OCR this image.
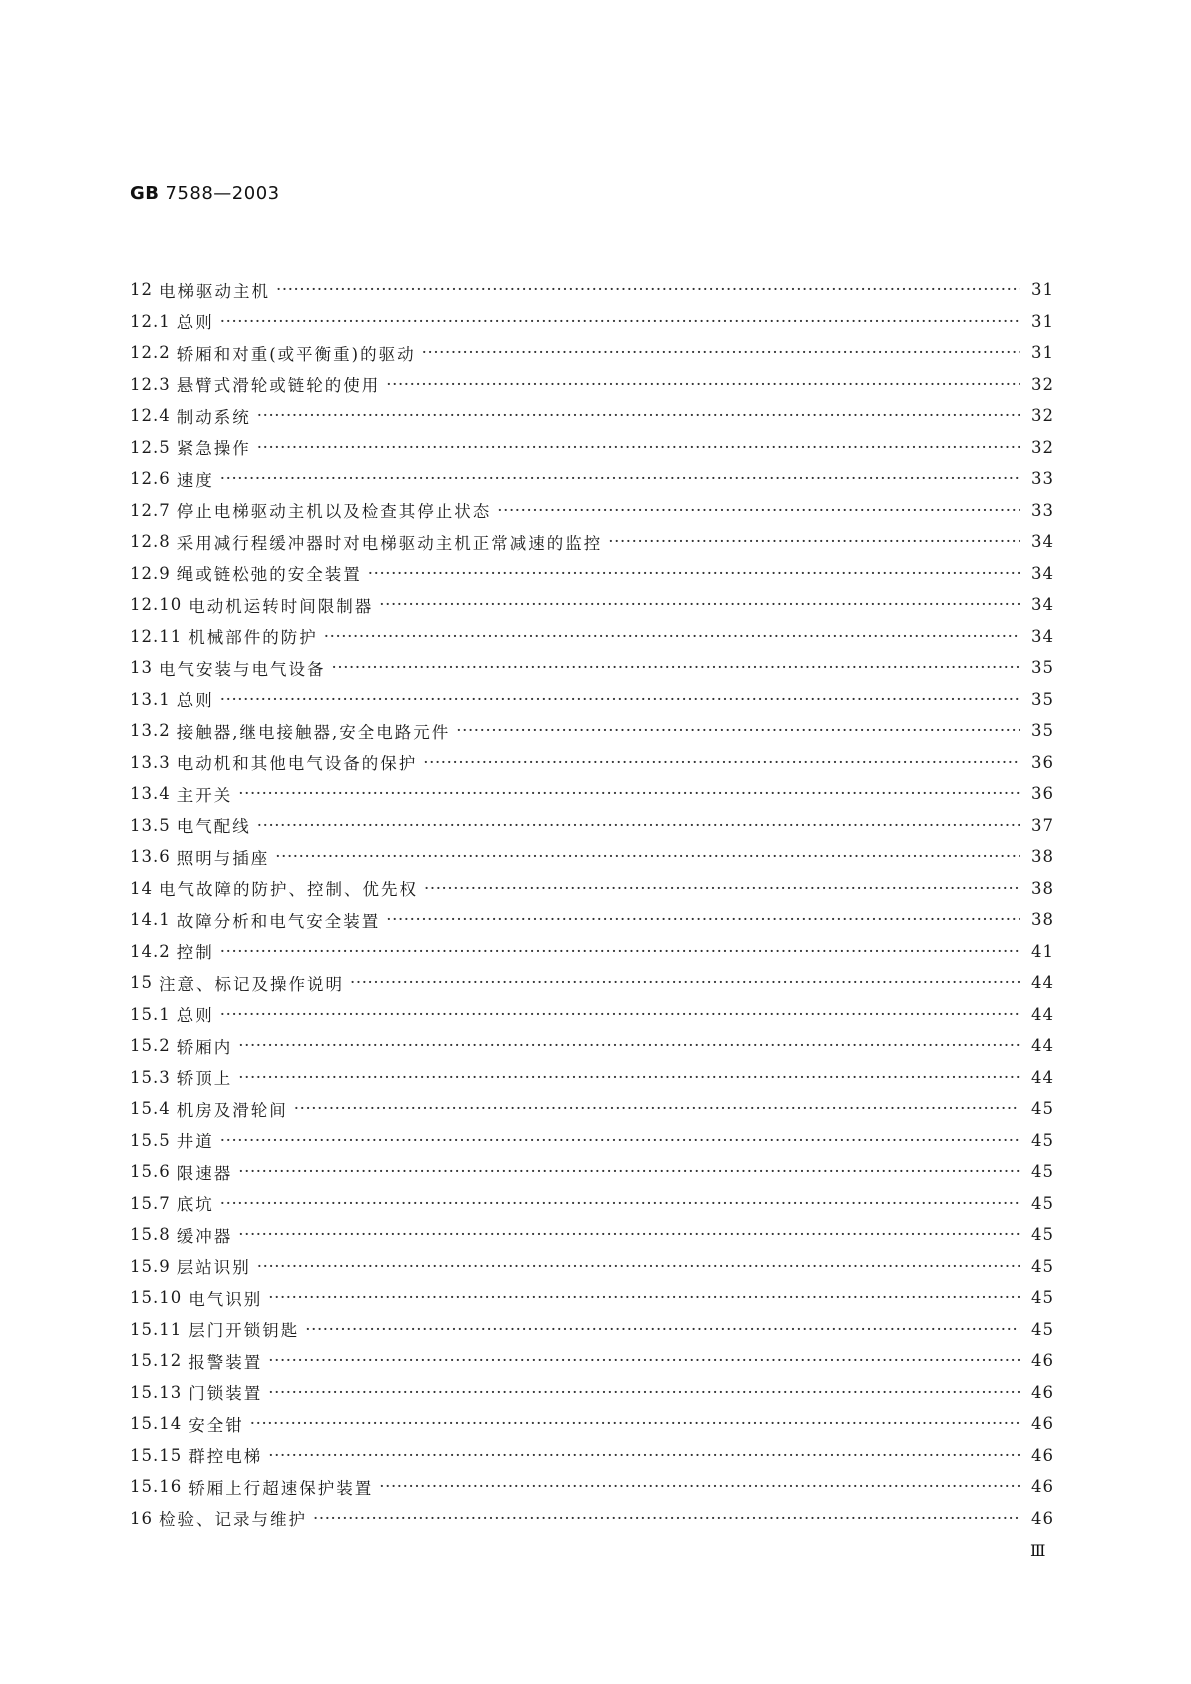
GB 7588—2003
12 电梯驱动主机 ·····	31
12.1 总则 ·····	31
12.2 轿厢和对重(或平衡重)的驱动 ·····	31
12.3 悬臂式滑轮或链轮的使用 ·····	32
12.4 制动系统 ·····	32
12.5 紧急操作 ·····	32
12.6 速度 ·····	33
12.7 停止电梯驱动主机以及检查其停止状态 ·····	33
12.8 采用减行程缓冲器时对电梯驱动主机正常减速的监控 ·····	34
12.9 绳或链松弛的安全装置 ·····	34
12.10 电动机运转时间限制器 ·····	34
12.11 机械部件的防护 ·····	34
13 电气安装与电气设备 ·····	35
13.1 总则 ·····	35
13.2 接触器,继电接触器,安全电路元件 ·····	35
13.3 电动机和其他电气设备的保护 ·····	36
13.4 主开关 ·····	36
13.5 电气配线 ·····	37
13.6 照明与插座 ·····	38
14 电气故障的防护、控制、优先权 ·····	38
14.1 故障分析和电气安全装置 ·····	38
14.2 控制 ·····	41
15 注意、标记及操作说明 ·····	44
15.1 总则 ·····	44
15.2 轿厢内 ·····	44
15.3 轿顶上 ·····	44
15.4 机房及滑轮间 ·····	45
15.5 井道 ·····	45
15.6 限速器 ·····	45
15.7 底坑 ·····	45
15.8 缓冲器 ·····	45
15.9 层站识别 ·····	45
15.10 电气识别 ·····	45
15.11 层门开锁钥匙 ·····	45
15.12 报警装置 ·····	46
15.13 门锁装置 ·····	46
15.14 安全钳 ·····	46
15.15 群控电梯 ·····	46
15.16 轿厢上行超速保护装置 ·····	46
16 检验、记录与维护 ·····	46
Ⅲ
